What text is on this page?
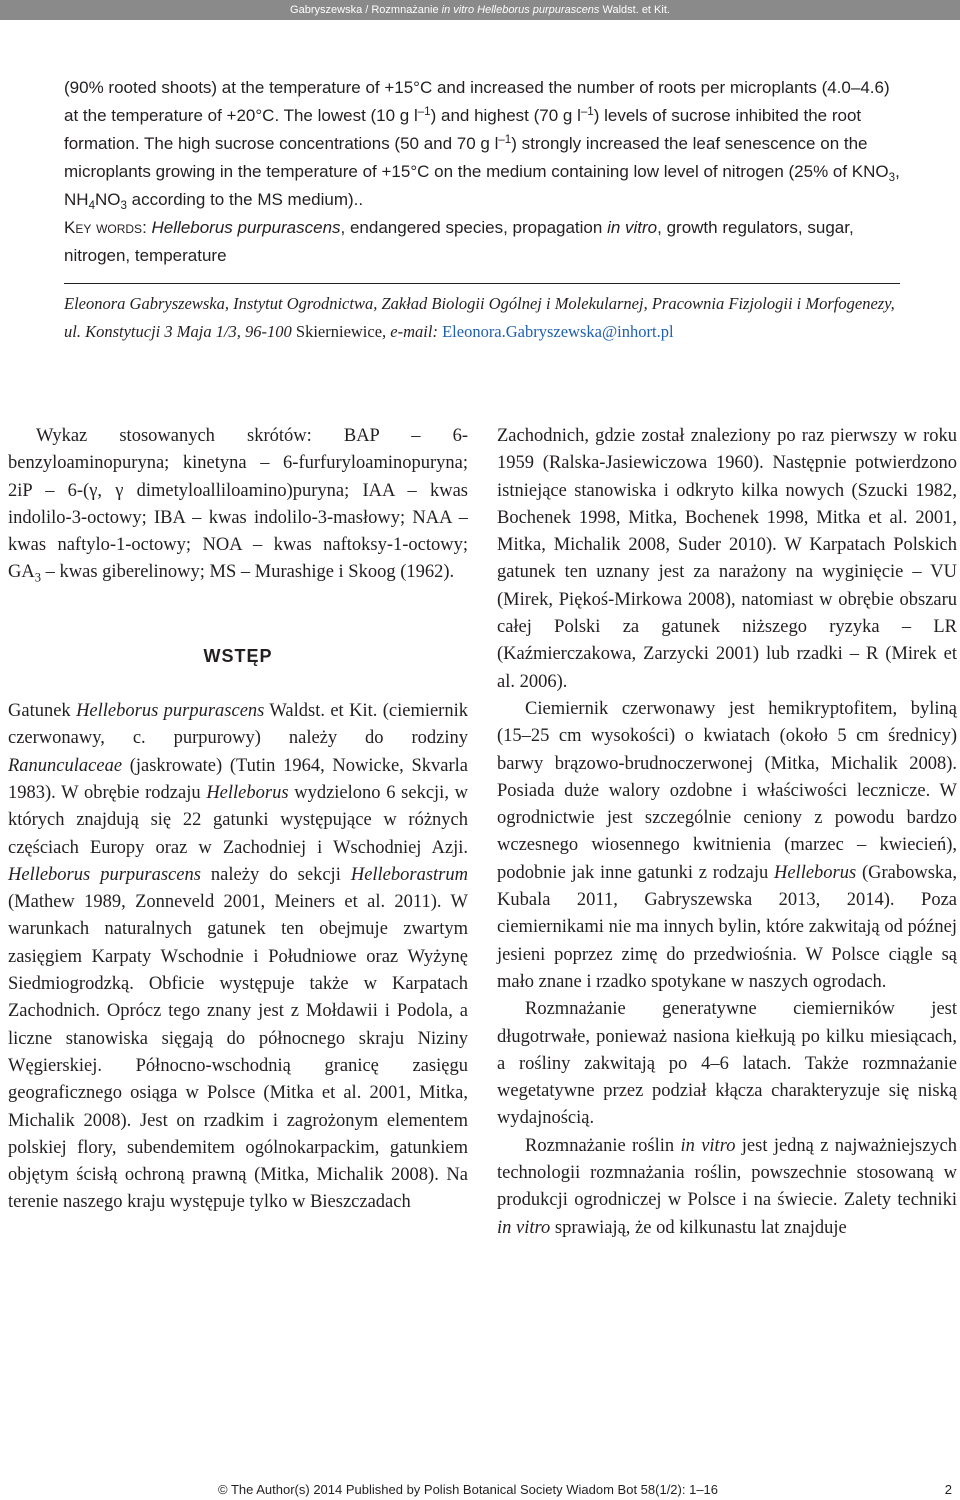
Gabryszewska / Rozmnażanie in vitro Helleborus purpurascens Waldst. et Kit.

(90% rooted shoots) at the temperature of +15°C and increased the number of roots per microplants (4.0–4.6) at the temperature of +20°C. The lowest (10 g $l^{-1}$) and highest (70 g $l^{-1}$) levels of sucrose inhibited the root formation. The high sucrose concentrations (50 and 70 g $l^{-1}$) strongly increased the leaf senescence on the microplants growing in the temperature of +15°C on the medium containing low level of nitrogen (25% of $KNO_3$, $NH_4NO_3$ according to the MS medium)..

Key words: Helleborus purpurascens, endangered species, propagation in vitro, growth regulators, sugar, nitrogen, temperature

Eleonora Gabryszewska, Instytut Ogrodnictwa, Zakład Biologii Ogólnej i Molekularnej, Pracownia Fizjologii i Morfogenezy, ul. Konstytucji 3 Maja 1/3, 96-100 Skierniewice, e-mail: Eleonora.Gabryszewska@inhort.pl

Wykaz stosowanych skrótów: BAP – 6-benzyloaminopuryna; kinetyna – 6-furfuryloaminopuryna; 2iP – 6-(γ, γ dimetyloalliloamino)puryna; IAA – kwas indolilo-3-octowy; IBA – kwas indolilo-3-masłowy; NAA – kwas naftylo-1-octowy; NOA – kwas naftoksy-1-octowy; $GA_3$ – kwas giberelinowy; MS – Murashige i Skoog (1962).

WSTĘP

Gatunek Helleborus purpurascens Waldst. et Kit. (ciemiernik czerwonawy, c. purpurowy) należy do rodziny Ranunculaceae (jaskrowate) (Tutin 1964, Nowicke, Skvarla 1983). W obrębie rodzaju Helleborus wydzielono 6 sekcji, w których znajdują się 22 gatunki występujące w różnych częściach Europy oraz w Zachodniej i Wschodniej Azji. Helleborus purpurascens należy do sekcji Helleborastrum (Mathew 1989, Zonneveld 2001, Meiners et al. 2011). W warunkach naturalnych gatunek ten obejmuje zwartym zasięgiem Karpaty Wschodnie i Południowe oraz Wyżynę Siedmiogrodzką. Obficie występuje także w Karpatach Zachodnich. Oprócz tego znany jest z Mołdawii i Podola, a liczne stanowiska sięgają do północnego skraju Niziny Węgierskiej. Północno-wschodnią granicę zasięgu geograficznego osiąga w Polsce (Mitka et al. 2001, Mitka, Michalik 2008). Jest on rzadkim i zagrożonym elementem polskiej flory, subendemitem ogólnokarpackim, gatunkiem objętym ścisłą ochroną prawną (Mitka, Michalik 2008). Na terenie naszego kraju występuje tylko w Bieszczadach

Zachodnich, gdzie został znaleziony po raz pierwszy w roku 1959 (Ralska-Jasiewiczowa 1960). Następnie potwierdzono istniejące stanowiska i odkryto kilka nowych (Szucki 1982, Bochenek 1998, Mitka, Bochenek 1998, Mitka et al. 2001, Mitka, Michalik 2008, Suder 2010). W Karpatach Polskich gatunek ten uznany jest za narażony na wyginięcie – VU (Mirek, Piękoś-Mirkowa 2008), natomiast w obrębie obszaru całej Polski za gatunek niższego ryzyka – LR (Kaźmierczakowa, Zarzycki 2001) lub rzadki – R (Mirek et al. 2006).

Ciemiernik czerwonawy jest hemikryptofitem, byliną (15–25 cm wysokości) o kwiatach (około 5 cm średnicy) barwy brązowo-brudnoczerwonej (Mitka, Michalik 2008). Posiada duże walory ozdobne i właściwości lecznicze. W ogrodnictwie jest szczególnie ceniony z powodu bardzo wczesnego wiosennego kwitnienia (marzec – kwiecień), podobnie jak inne gatunki z rodzaju Helleborus (Grabowska, Kubala 2011, Gabryszewska 2013, 2014). Poza ciemiernikami nie ma innych bylin, które zakwitają od późnej jesieni poprzez zimę do przedwiośnia. W Polsce ciągle są mało znane i rzadko spotykane w naszych ogrodach.

Rozmnażanie generatywne ciemierników jest długotrwałe, ponieważ nasiona kiełkują po kilku miesiącach, a rośliny zakwitają po 4–6 latach. Także rozmnażanie wegetatywne przez podział kłącza charakteryzuje się niską wydajnością.

Rozmnażanie roślin in vitro jest jedną z najważniejszych technologii rozmnażania roślin, powszechnie stosowaną w produkcji ogrodniczej w Polsce i na świecie. Zalety techniki in vitro sprawiają, że od kilkunastu lat znajduje

© The Author(s) 2014 Published by Polish Botanical Society Wiadom Bot 58(1/2): 1–16	2
